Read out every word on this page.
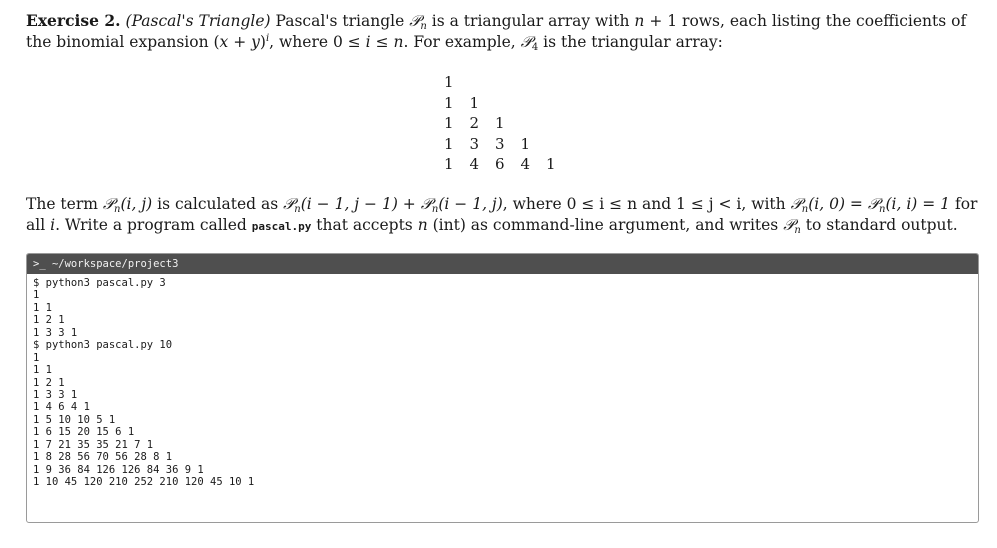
Exercise 2. (Pascal's Triangle) Pascal's triangle 𝒫$_n$ is a triangular array with n + 1 rows, each listing the coefficients of the binomial expansion $(x + y)^i$, where 0 ≤ i ≤ n. For example, 𝒫$_4$ is the triangular array:
1
1	1
1	2	1
1	3	3	1
1	4	6	4	1
The term 𝒫$_n$(i, j) is calculated as 𝒫$_n$(i − 1, j − 1) + 𝒫$_n$(i − 1, j), where 0 ≤ i ≤ n and 1 ≤ j < i, with 𝒫$_n$(i, 0) = 𝒫$_n$(i, i) = 1 for all i. Write a program called pascal.py that accepts n (int) as command-line argument, and writes 𝒫$_n$ to standard output.
>_ ~/workspace/project3
$ python3 pascal.py 3
1
1 1
1 2 1
1 3 3 1
$ python3 pascal.py 10
1
1 1
1 2 1
1 3 3 1
1 4 6 4 1
1 5 10 10 5 1
1 6 15 20 15 6 1
1 7 21 35 35 21 7 1
1 8 28 56 70 56 28 8 1
1 9 36 84 126 126 84 36 9 1
1 10 45 120 210 252 210 120 45 10 1
